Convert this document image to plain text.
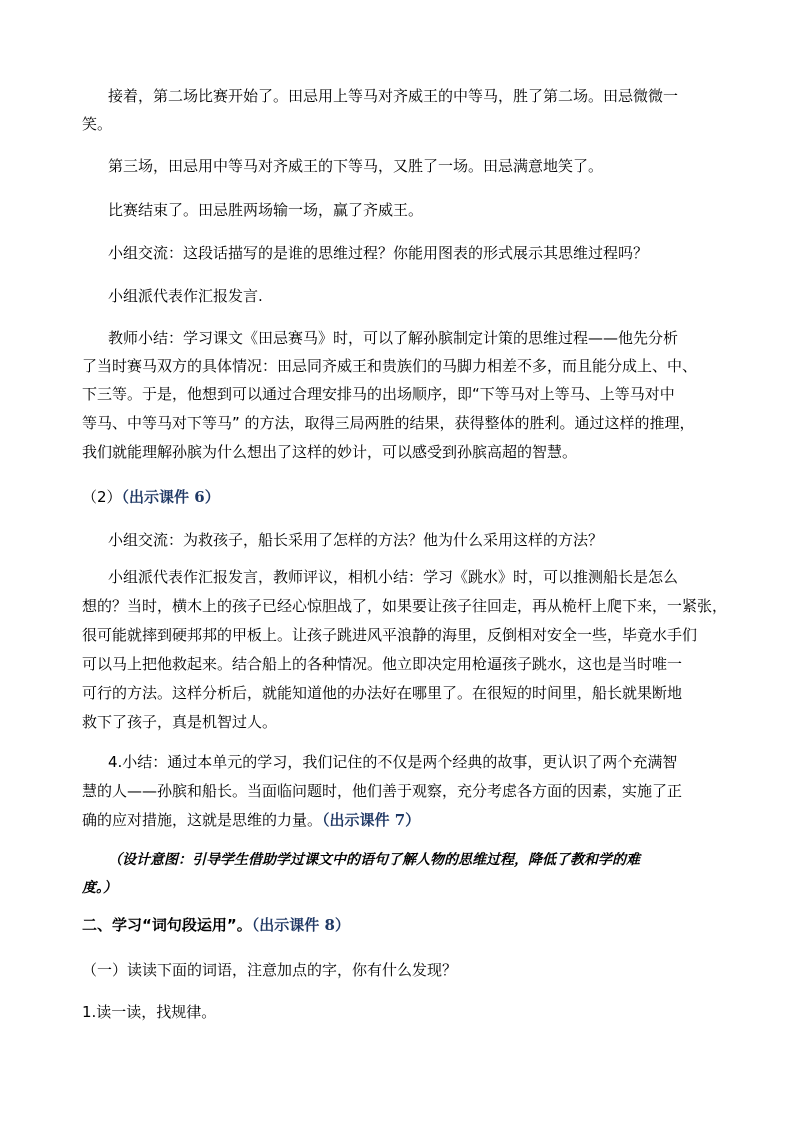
接着，第二场比赛开始了。田忌用上等马对齐威王的中等马，胜了第二场。田忌微微一
笑。
第三场，田忌用中等马对齐威王的下等马，又胜了一场。田忌满意地笑了。
比赛结束了。田忌胜两场输一场，赢了齐威王。
小组交流：这段话描写的是谁的思维过程？你能用图表的形式展示其思维过程吗？
小组派代表作汇报发言.
教师小结：学习课文《田忌赛马》时，可以了解孙膑制定计策的思维过程——他先分析
了当时赛马双方的具体情况：田忌同齐威王和贵族们的马脚力相差不多，而且能分成上、中、
下三等。于是，他想到可以通过合理安排马的出场顺序，即“下等马对上等马、上等马对中
等马、中等马对下等马” 的方法，取得三局两胜的结果，获得整体的胜利。通过这样的推理，
我们就能理解孙膑为什么想出了这样的妙计，可以感受到孙膑高超的智慧。
（2）（出示课件 6）
小组交流：为救孩子，船长采用了怎样的方法？他为什么采用这样的方法？
小组派代表作汇报发言，教师评议，相机小结：学习《跳水》时，可以推测船长是怎么
想的？当时，横木上的孩子已经心惊胆战了，如果要让孩子往回走，再从桅杆上爬下来，一紧张，
很可能就摔到硬邦邦的甲板上。让孩子跳进风平浪静的海里，反倒相对安全一些，毕竟水手们
可以马上把他救起来。结合船上的各种情况。他立即决定用枪逼孩子跳水，这也是当时唯一
可行的方法。这样分析后，就能知道他的办法好在哪里了。在很短的时间里，船长就果断地
救下了孩子，真是机智过人。
4.小结：通过本单元的学习，我们记住的不仅是两个经典的故事，更认识了两个充满智
慧的人——孙膑和船长。当面临问题时，他们善于观察，充分考虑各方面的因素，实施了正
确的应对措施，这就是思维的力量。（出示课件 7）
（设计意图：引导学生借助学过课文中的语句了解人物的思维过程，降低了教和学的难
度。）
二、学习“词句段运用”。（出示课件 8）
（一）读读下面的词语，注意加点的字，你有什么发现？
1.读一读，找规律。
